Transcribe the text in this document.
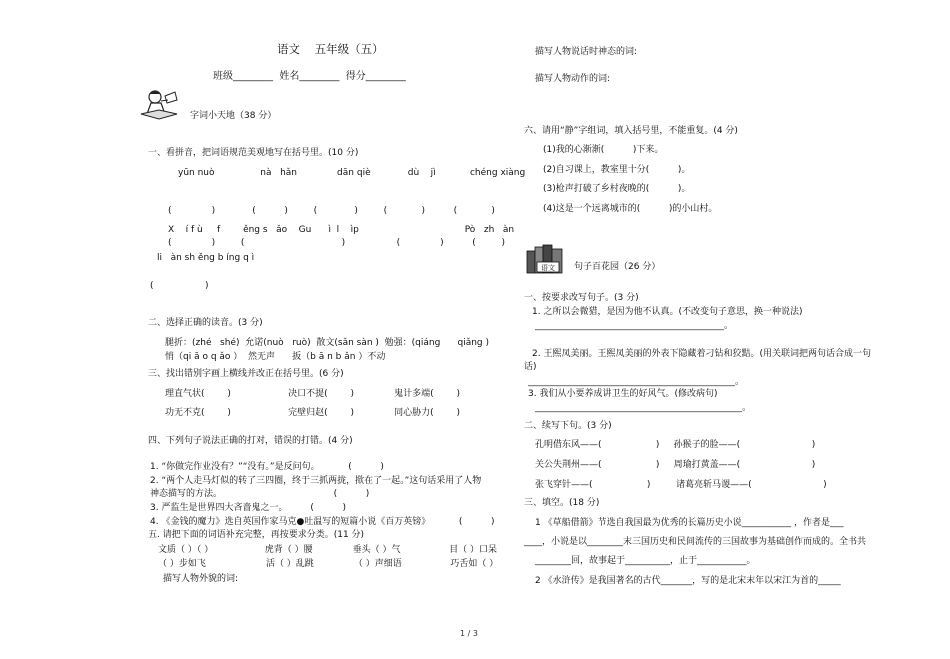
语文    五年级（五）
班级________  姓名________  得分________
字词小天地（38 分）
一、看拼音，把词语规范美观地写在括号里。(10 分)
yūn nuò                nà   hǎn              dān qiè             dù    jì            chéng xiàng
(              )             (          )         (             )         (            )          (            )
X    í f ù     f        ěng s   ǎo    Gu      ì  l    ìp                                     Pò   zh   àn
(              )         (                                  )                  (              )          (         )
li   àn sh ěng b íng q ì
(                  )
二、选择正确的读音。(3 分)
腿折：(zhé   shé)  允诺(nuò   ruò)  散文(sǎn sàn )  勉强：(qiáng      qiǎng )
悄（qi ā o q ǎo ）  然无声      扳（b ā n b ǎn ）不动
三、找出错别字画上横线并改正在括号里。(6 分)
理直气状(        )                    决口不提(        )              鬼计多端(        )
功无不克(        )                    完壁归赵(        )              同心胁力(        )
四、下列句子说法正确的打对，错误的打错。(4 分)
1. “你做完作业没有？”“没有。”是反问句。          (          )
2. “两个人走马灯似的转了三四圈，终于三抓两拢，揿在了一起。”这句话采用了人物
神态描写的方法。                                       (          )
3. 严监生是世界四大吝啬鬼之一。        (          )
4. 《金钱的魔力》选自英国作家马克●吐温写的短篇小说《百万英镑》          (          )
五. 请把下面的词语补充完整，再按要求分类。(11 分)
文质（ ）（ ）                  虎背（ ）腰              垂头（ ）气                 目（ ）口呆
（ ）步如飞                     活（ ）乱跳              （ ）声细语                 巧舌如（ ）
描写人物外貌的词:
描写人物说话时神态的词:
描写人物动作的词:
六、请用“静”字组词，填入括号里，不能重复。(4 分)
(1)我的心渐渐(          )下来。
(2)自习课上，教室里十分(          )。
(3)枪声打破了乡村夜晚的(          )。
(4)这是一个远离城市的(          )的小山村。
语文 句子百花园（26 分）
一、按要求改写句子。(3 分)
1. 之所以会微猎，是因为他不认真。(不改变句子意思，换一种说法)
__________________________________________。
2. 王熙凤美丽。王熙凤美丽的外表下隐藏着刁钻和狡黠。(用关联词把两句话合成一句
话)
______________________________________________。
3. 我们从小要养成讲卫生的好风气。(修改病句)
______________________________________________。
二、续写下句。(3 分)
孔明借东风——(                   )     孙猴子的脸——(                         )
关公失荆州——(                   )     周瑜打黄盖——(                         )
张飞穿针——(                   )         诸葛亮斩马谡——(                         )
三、填空。(18 分)
1 《草船借箭》节选自我国最为优秀的长篇历史小说___________ ，作者是___
____，小说是以________末三国历史和民间流传的三国故事为基础创作而成的。全书共
________回，故事起于__________，止于___________。
2 《水浒传》是我国著名的古代_______，写的是北宋末年以宋江为首的_____
1 / 3
